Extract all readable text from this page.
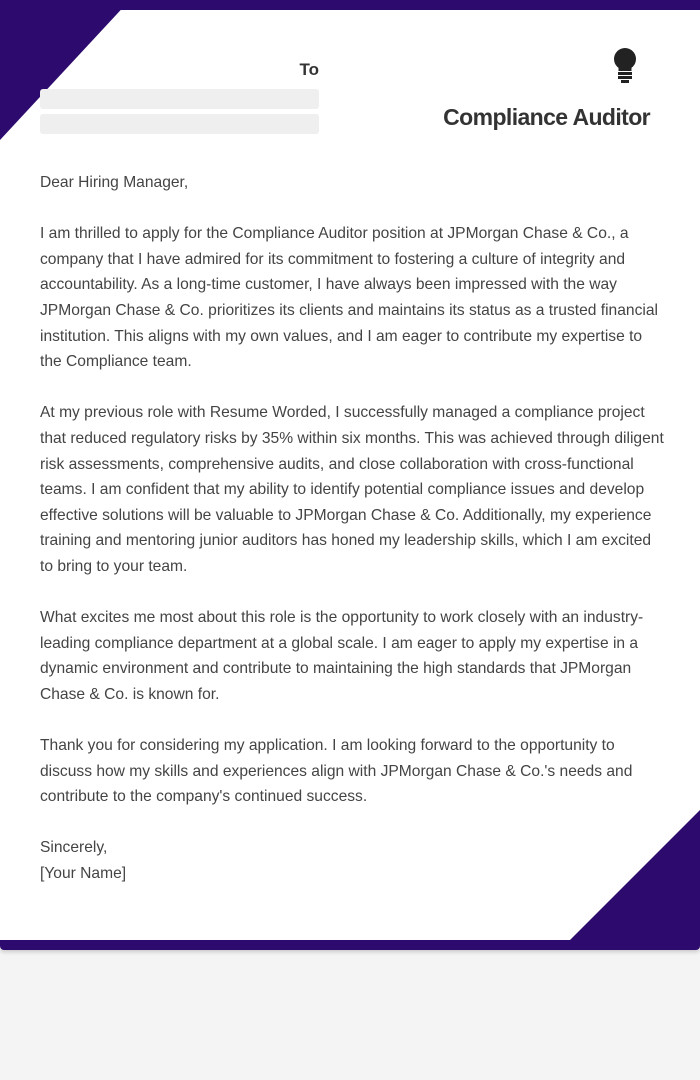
To
Compliance Auditor

Dear Hiring Manager,

I am thrilled to apply for the Compliance Auditor position at JPMorgan Chase & Co., a company that I have admired for its commitment to fostering a culture of integrity and accountability. As a long-time customer, I have always been impressed with the way JPMorgan Chase & Co. prioritizes its clients and maintains its status as a trusted financial institution. This aligns with my own values, and I am eager to contribute my expertise to the Compliance team.

At my previous role with Resume Worded, I successfully managed a compliance project that reduced regulatory risks by 35% within six months. This was achieved through diligent risk assessments, comprehensive audits, and close collaboration with cross-functional teams. I am confident that my ability to identify potential compliance issues and develop effective solutions will be valuable to JPMorgan Chase & Co. Additionally, my experience training and mentoring junior auditors has honed my leadership skills, which I am excited to bring to your team.

What excites me most about this role is the opportunity to work closely with an industry-leading compliance department at a global scale. I am eager to apply my expertise in a dynamic environment and contribute to maintaining the high standards that JPMorgan Chase & Co. is known for.

Thank you for considering my application. I am looking forward to the opportunity to discuss how my skills and experiences align with JPMorgan Chase & Co.'s needs and contribute to the company's continued success.

Sincerely,

[Your Name]
